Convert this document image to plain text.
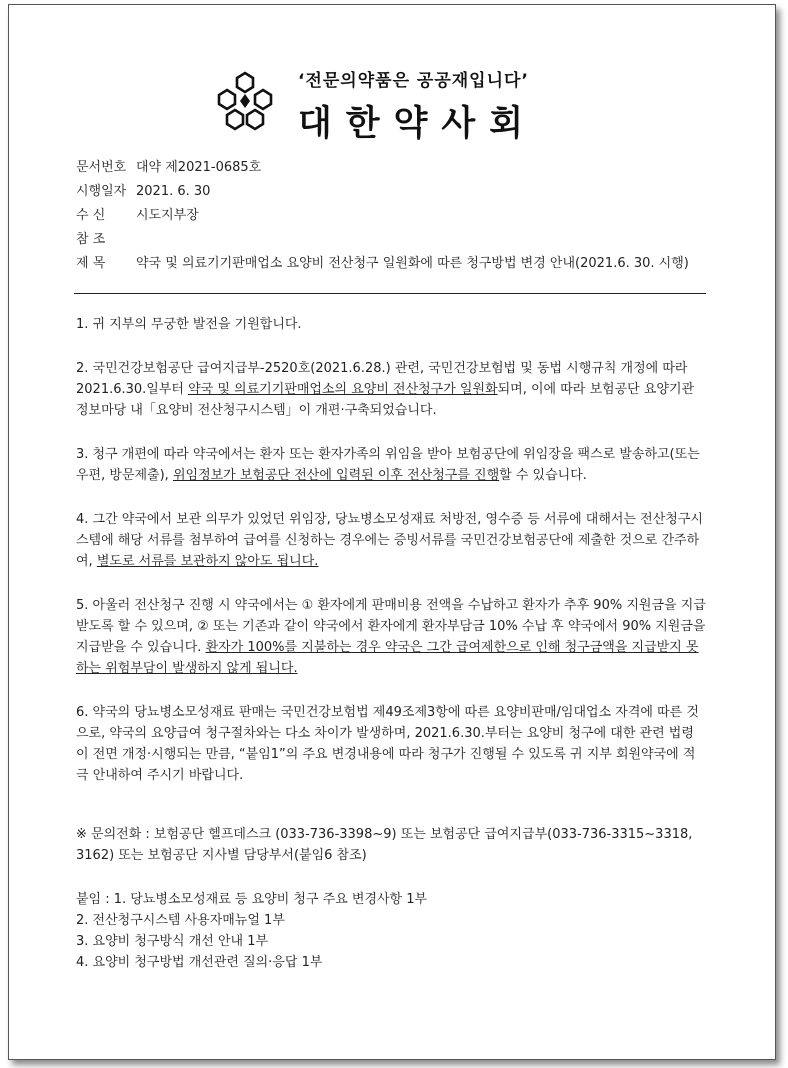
‘전문의약품은 공공재입니다’
대한약사회
문서번호 대약 제2021-0685호
시행일자 2021. 6. 30
수 신	시도지부장
참 조
제 목	약국 및 의료기기판매업소 요양비 전산청구 일원화에 따른 청구방법 변경 안내(2021.6. 30. 시행)

1. 귀 지부의 무궁한 발전을 기원합니다.

2. 국민건강보험공단 급여지급부-2520호(2021.6.28.) 관련, 국민건강보험법 및 동법 시행규칙 개정에 따라 2021.6.30.일부터 약국 및 의료기기판매업소의 요양비 전산청구가 일원화되며, 이에 따라 보험공단 요양기관정보마당 내「요양비 전산청구시스템」이 개편·구축되었습니다.

3. 청구 개편에 따라 약국에서는 환자 또는 환자가족의 위임을 받아 보험공단에 위임장을 팩스로 발송하고(또는 우편, 방문제출), 위임정보가 보험공단 전산에 입력된 이후 전산청구를 진행할 수 있습니다.

4. 그간 약국에서 보관 의무가 있었던 위임장, 당뇨병소모성재료 처방전, 영수증 등 서류에 대해서는 전산청구시스템에 해당 서류를 첨부하여 급여를 신청하는 경우에는 증빙서류를 국민건강보험공단에 제출한 것으로 간주하여, 별도로 서류를 보관하지 않아도 됩니다.

5. 아울러 전산청구 진행 시 약국에서는 ① 환자에게 판매비용 전액을 수납하고 환자가 추후 90% 지원금을 지급받도록 할 수 있으며, ② 또는 기존과 같이 약국에서 환자에게 환자부담금 10% 수납 후 약국에서 90% 지원금을 지급받을 수 있습니다. 환자가 100%를 지불하는 경우 약국은 그간 급여제한으로 인해 청구금액을 지급받지 못하는 위험부담이 발생하지 않게 됩니다.

6. 약국의 당뇨병소모성재료 판매는 국민건강보험법 제49조제3항에 따른 요양비판매/임대업소 자격에 따른 것으로, 약국의 요양급여 청구절차와는 다소 차이가 발생하며, 2021.6.30.부터는 요양비 청구에 대한 관련 법령이 전면 개정·시행되는 만큼, “붙임1”의 주요 변경내용에 따라 청구가 진행될 수 있도록 귀 지부 회원약국에 적극 안내하여 주시기 바랍니다.

※ 문의전화 : 보험공단 헬프데스크 (033-736-3398~9) 또는 보험공단 급여지급부(033-736-3315~3318, 3162) 또는 보험공단 지사별 담당부서(붙임6 참조)

붙임 : 1. 당뇨병소모성재료 등 요양비 청구 주요 변경사항 1부
2. 전산청구시스템 사용자매뉴얼 1부
3. 요양비 청구방식 개선 안내 1부
4. 요양비 청구방법 개선관련 질의·응답 1부
